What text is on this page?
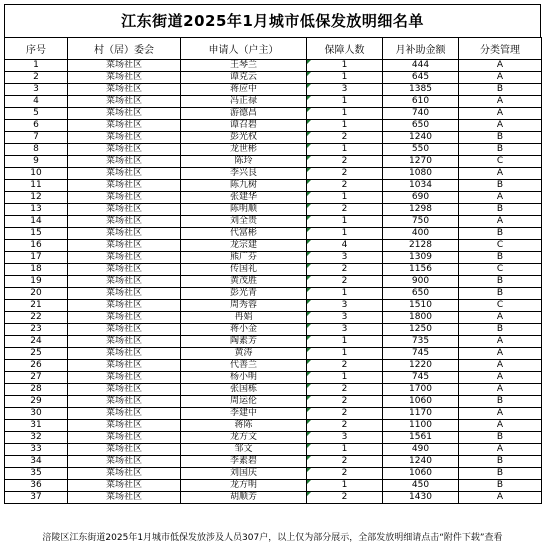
江东街道2025年1月城市低保发放明细名单
序号	村（居）委会	申请人（户主）	保障人数	月补助金额	分类管理
1	菜场社区	王琴兰	1	444	A
2	菜场社区	谭克云	1	645	A
3	菜场社区	蒋应中	3	1385	B
4	菜场社区	冯正禄	1	610	A
5	菜场社区	游德昌	1	740	A
6	菜场社区	谭召碧	1	650	A
7	菜场社区	彭光权	2	1240	B
8	菜场社区	龙世彬	1	550	B
9	菜场社区	陈玲	2	1270	C
10	菜场社区	李兴艮	2	1080	A
11	菜场社区	陈九树	2	1034	B
12	菜场社区	张建华	1	690	A
13	菜场社区	陈明顺	2	1298	B
14	菜场社区	刘全贵	1	750	A
15	菜场社区	代富彬	1	400	B
16	菜场社区	龙宗建	4	2128	C
17	菜场社区	熊广芬	3	1309	B
18	菜场社区	传国礼	2	1156	C
19	菜场社区	黄茂胜	2	900	B
20	菜场社区	彭光青	1	650	B
21	菜场社区	周秀蓉	3	1510	C
22	菜场社区	冉娟	3	1800	A
23	菜场社区	蒋小金	3	1250	B
24	菜场社区	陶素芳	1	735	A
25	菜场社区	黄涛	1	745	A
26	菜场社区	代善兰	2	1220	A
27	菜场社区	杨小明	1	745	A
28	菜场社区	张国栋	2	1700	A
29	菜场社区	周运伦	2	1060	B
30	菜场社区	李建中	2	1170	A
31	菜场社区	蒋陈	2	1100	A
32	菜场社区	龙方文	3	1561	B
33	菜场社区	邹文	1	490	A
34	菜场社区	李素碧	2	1240	B
35	菜场社区	刘国庆	2	1060	B
36	菜场社区	龙方明	1	450	B
37	菜场社区	胡顺芳	2	1430	A
涪陵区江东街道2025年1月城市低保发放涉及人员307户，以上仅为部分展示，全部发放明细请点击“附件下载”查看
